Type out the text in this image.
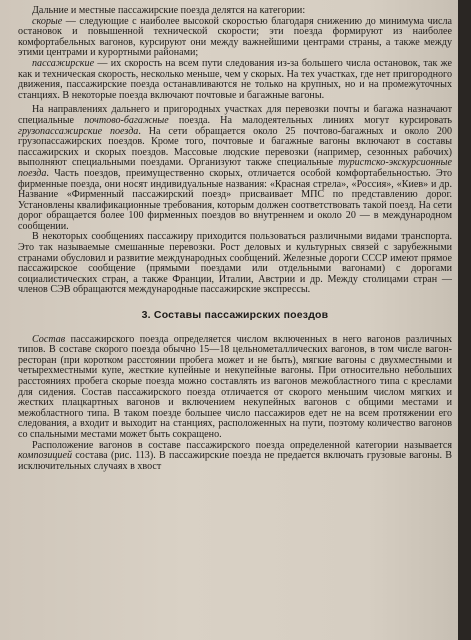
Дальние и местные пассажирские поезда делятся на категории:

скорые — следующие с наиболее высокой скоростью благодаря снижению до минимума числа остановок и повышенной технической скорости; эти поезда формируют из наиболее комфортабельных вагонов, курсируют они между важнейшими центрами страны, а также между этими центрами и курортными районами;

пассажирские — их скорость на всем пути следования из-за большего числа остановок, так же как и техническая скорость, несколько меньше, чем у скорых. На тех участках, где нет пригородного движения, пассажирские поезда останавливаются не только на крупных, но и на промежуточных станциях. В некоторые поезда включают почтовые и багажные вагоны.

На направлениях дальнего и пригородных участках для перевозки почты и багажа назначают специальные почтово-багажные поезда. На малодеятельных линиях могут курсировать грузопассажирские поезда. На сети обращается около 25 почтово-багажных и около 200 грузопассажирских поездов. Кроме того, почтовые и багажные вагоны включают в составы пассажирских и скорых поездов. Массовые людские перевозки (например, сезонных рабочих) выполняют специальными поездами. Организуют также специальные туристско-экскурсионные поезда. Часть поездов, преимущественно скорых, отличается особой комфортабельностью. Это фирменные поезда, они носят индивидуальные названия: «Красная стрела», «Россия», «Киев» и др. Название «Фирменный пассажирский поезд» присваивает МПС по представлению дорог. Установлены квалификационные требования, которым должен соответствовать такой поезд. На сети дорог обращается более 100 фирменных поездов во внутреннем и около 20 — в международном сообщении.

В некоторых сообщениях пассажиру приходится пользоваться различными видами транспорта. Это так называемые смешанные перевозки. Рост деловых и культурных связей с зарубежными странами обусловил и развитие международных сообщений. Железные дороги СССР имеют прямое пассажирское сообщение (прямыми поездами или отдельными вагонами) с дорогами социалистических стран, а также Франции, Италии, Австрии и др. Между столицами стран — членов СЭВ обращаются международные пассажирские экспрессы.

3. Составы пассажирских поездов

Состав пассажирского поезда определяется числом включенных в него вагонов различных типов. В составе скорого поезда обычно 15—18 цельнометаллических вагонов, в том числе вагон-ресторан (при коротком расстоянии пробега может и не быть), мягкие вагоны с двухместными и четырехместными купе, жесткие купейные и некупейные вагоны. При относительно небольших расстояниях пробега скорые поезда можно составлять из вагонов межобластного типа с креслами для сидения. Состав пассажирского поезда отличается от скорого меньшим числом мягких и жестких плацкартных вагонов и включением некупейных вагонов с общими местами и межобластного типа. В таком поезде большее число пассажиров едет не на всем протяжении его следования, а входит и выходит на станциях, расположенных на пути, поэтому количество вагонов со спальными местами может быть сокращено.

Расположение вагонов в составе пассажирского поезда определенной категории называется композицией состава (рис. 113). В пассажирские поезда не предается включать грузовые вагоны. В исключительных случаях в хвост
